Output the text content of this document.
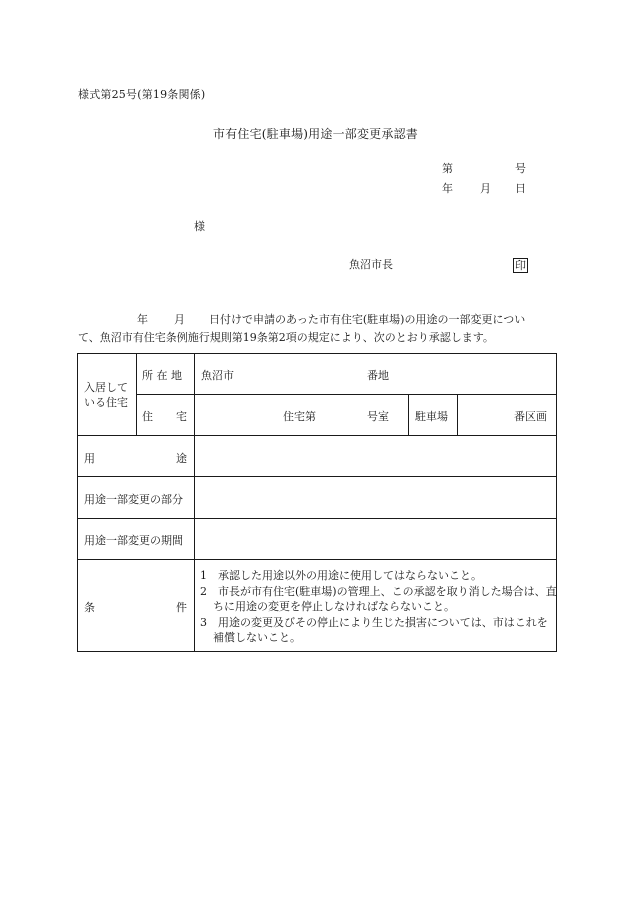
様式第25号(第19条関係)
市有住宅(駐車場)用途一部変更承認書
第	号
年 月 日
様
魚沼市長	印
年 月 日付けで申請のあった市有住宅(駐車場)の用途の一部変更につい
て、魚沼市有住宅条例施行規則第19条第2項の規定により、次のとおり承認します。
入居して
いる住宅
所 在 地 魚沼市	番地
住 宅	住宅第	号室 駐車場	番区画
用	途
用途一部変更の部分
用途一部変更の期間
条	件

1　承認した用途以外の用途に使用してはならないこと。

2　市長が市有住宅(駐車場)の管理上、この承認を取り消した場合は、直ちに用途の変更を停止しなければならないこと。

3　用途の変更及びその停止により生じた損害については、市はこれを補償しないこと。
